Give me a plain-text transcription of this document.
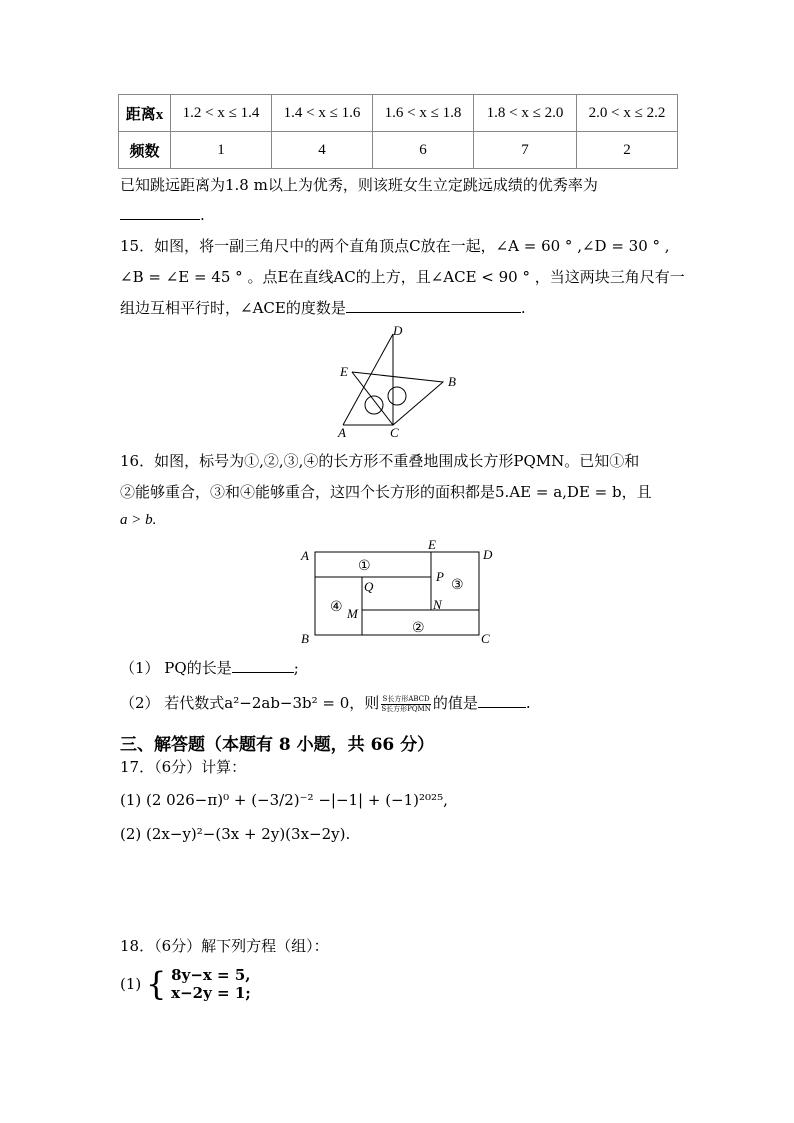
距离x	1.2 < x ≤ 1.4	1.4 < x ≤ 1.6	1.6 < x ≤ 1.8	1.8 < x ≤ 2.0	2.0 < x ≤ 2.2
频数	1	4	6	7	2
已知跳远距离为1.8 m以上为优秀，则该班女生立定跳远成绩的优秀率为
.
15．如图，将一副三角尺中的两个直角顶点C放在一起，∠A = 60 ° ,∠D = 30 ° ,
∠B = ∠E = 45 ° 。点E在直线AC的上方，且∠ACE < 90 ° ，当这两块三角尺有一
组边互相平行时，∠ACE的度数是	.
D
E
B
A	C
16．如图，标号为①,②,③,④的长方形不重叠地围成长方形PQMN。已知①和
②能够重合，③和④能够重合，这四个长方形的面积都是5.AE = a,DE = b，且
a > b.
A
E
D
B	C
P
Q
M
N
①
②
③
④
（1） PQ的长是	;
（2） 若代数式a²−2ab−3b² = 0，则 S长方形ABCD
S长方形PQMN 的值是	.
三、解答题（本题有 8 小题，共 66 分）
17．（6分）计算：
(1) (2 026−π)⁰ + (−3/2)⁻² −|−1| + (−1)²⁰²⁵,
(2) (2x−y)²−(3x + 2y)(3x−2y).
18．（6分）解下列方程（组）：
(1) { 8y−x = 5,
x−2y = 1;
